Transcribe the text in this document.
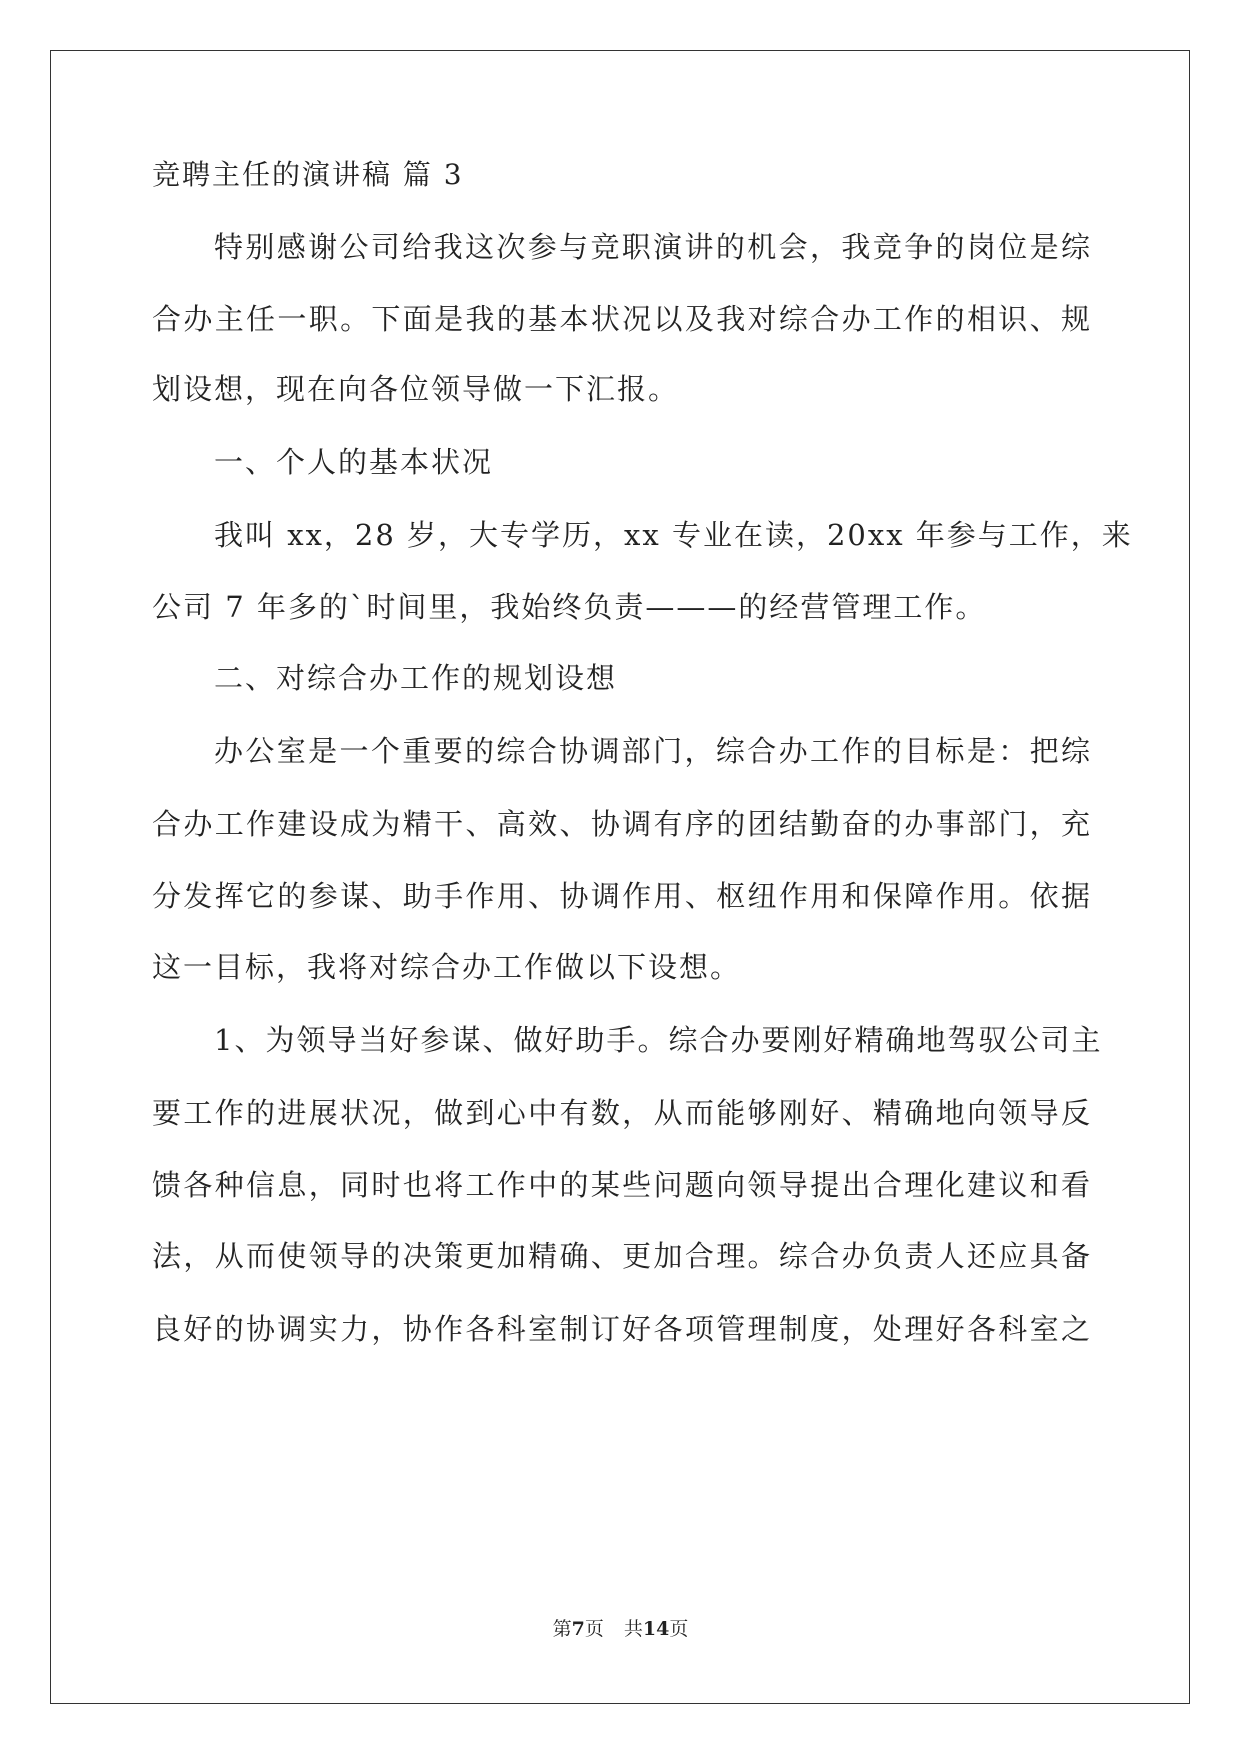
竞聘主任的演讲稿 篇 3
特别感谢公司给我这次参与竞职演讲的机会，我竞争的岗位是综
合办主任一职。下面是我的基本状况以及我对综合办工作的相识、规
划设想，现在向各位领导做一下汇报。
一、个人的基本状况
我叫 xx，28 岁，大专学历，xx 专业在读，20xx 年参与工作，来
公司 7 年多的`时间里，我始终负责———的经营管理工作。
二、对综合办工作的规划设想
办公室是一个重要的综合协调部门，综合办工作的目标是：把综
合办工作建设成为精干、高效、协调有序的团结勤奋的办事部门，充
分发挥它的参谋、助手作用、协调作用、枢纽作用和保障作用。依据
这一目标，我将对综合办工作做以下设想。
1、为领导当好参谋、做好助手。综合办要刚好精确地驾驭公司主
要工作的进展状况，做到心中有数，从而能够刚好、精确地向领导反
馈各种信息，同时也将工作中的某些问题向领导提出合理化建议和看
法，从而使领导的决策更加精确、更加合理。综合办负责人还应具备
良好的协调实力，协作各科室制订好各项管理制度，处理好各科室之
第7页 共14页
